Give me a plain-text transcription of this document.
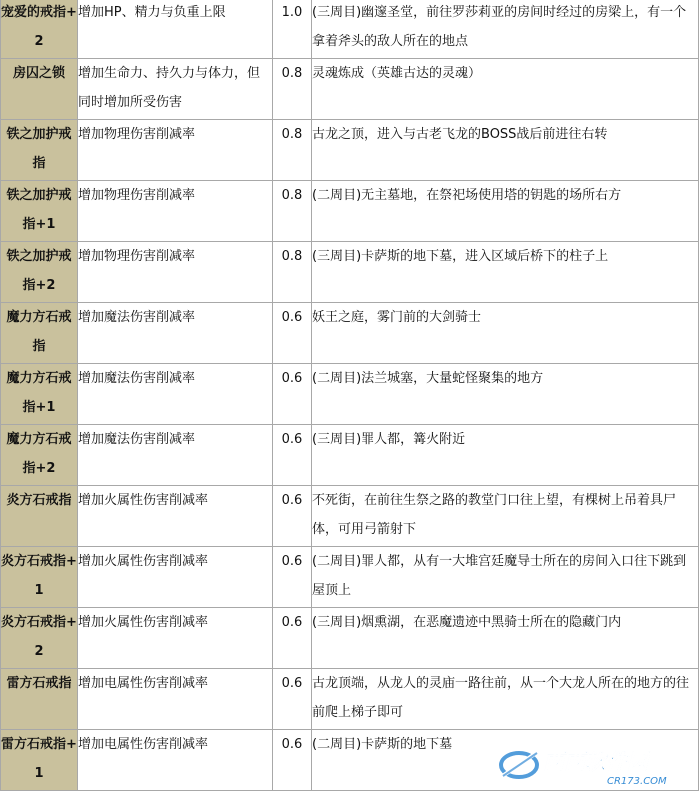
宠爱的戒指+2	增加HP、精力与负重上限	1.0	(三周目)幽邃圣堂，前往罗莎莉亚的房间时经过的房梁上，有一个拿着斧头的敌人所在的地点
房囚之锁	增加生命力、持久力与体力，但同时增加所受伤害	0.8	灵魂炼成（英雄古达的灵魂）
铁之加护戒指	增加物理伤害削减率	0.8	古龙之顶，进入与古老飞龙的BOSS战后前进往右转
铁之加护戒指+1	增加物理伤害削减率	0.8	(二周目)无主墓地，在祭祀场使用塔的钥匙的场所右方
铁之加护戒指+2	增加物理伤害削减率	0.8	(三周目)卡萨斯的地下墓，进入区域后桥下的柱子上
魔力方石戒指	增加魔法伤害削减率	0.6	妖王之庭，雾门前的大剑骑士
魔力方石戒指+1	增加魔法伤害削减率	0.6	(二周目)法兰城塞，大量蛇怪聚集的地方
魔力方石戒指+2	增加魔法伤害削减率	0.6	(三周目)罪人都，篝火附近
炎方石戒指	增加火属性伤害削减率	0.6	不死街，在前往生祭之路的教堂门口往上望，有棵树上吊着具尸体，可用弓箭射下
炎方石戒指+1	增加火属性伤害削减率	0.6	(二周目)罪人都，从有一大堆宫廷魔导士所在的房间入口往下跳到屋顶上
炎方石戒指+2	增加火属性伤害削减率	0.6	(三周目)烟熏湖，在恶魔遗迹中黑骑士所在的隐藏门内
雷方石戒指	增加电属性伤害削减率	0.6	古龙顶端，从龙人的灵庙一路往前，从一个大龙人所在的地方的往前爬上梯子即可
雷方石戒指+1	增加电属性伤害削减率	0.6	(二周目)卡萨斯的地下墓
西西软件园
CR173.COM
